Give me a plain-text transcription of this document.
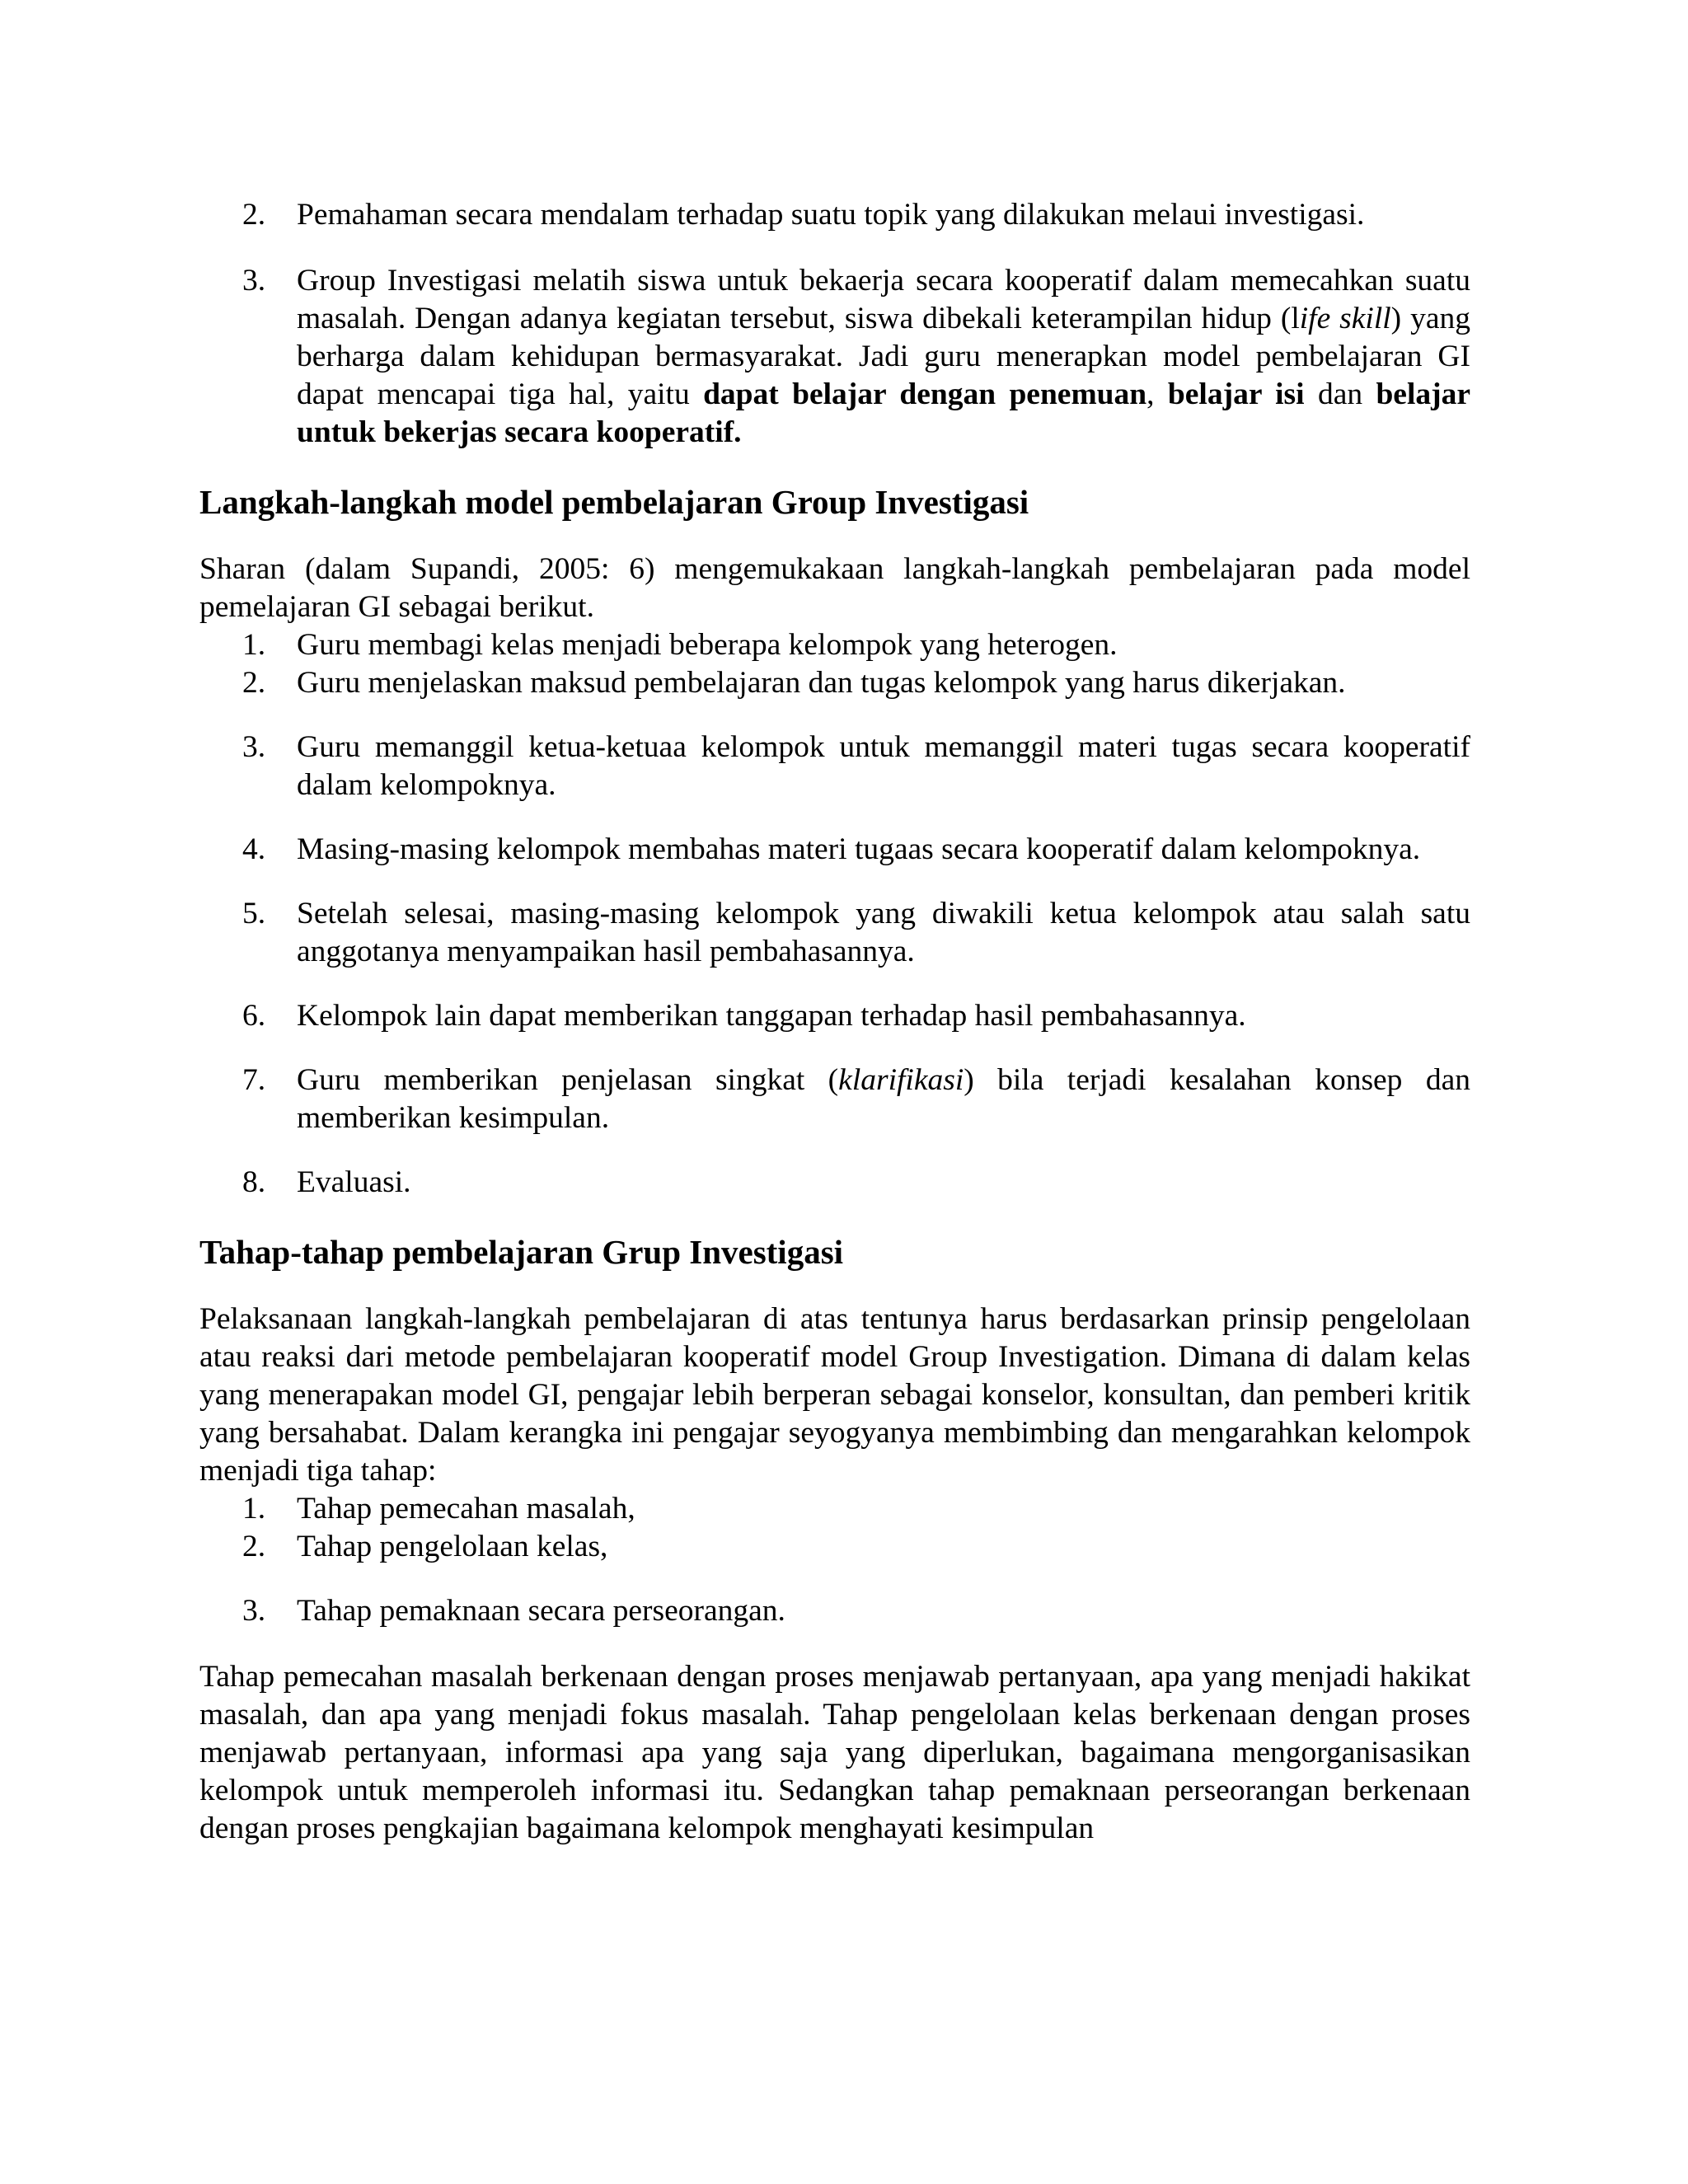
2. Pemahaman secara mendalam terhadap suatu topik yang dilakukan melaui investigasi.
3. Group Investigasi melatih siswa untuk bekaerja secara kooperatif dalam memecahkan suatu masalah. Dengan adanya kegiatan tersebut, siswa dibekali keterampilan hidup (life skill) yang berharga dalam kehidupan bermasyarakat. Jadi guru menerapkan model pembelajaran GI dapat mencapai tiga hal, yaitu dapat belajar dengan penemuan, belajar isi dan belajar untuk bekerjas secara kooperatif.
Langkah-langkah model pembelajaran Group Investigasi

Sharan (dalam Supandi, 2005: 6) mengemukakaan langkah-langkah pembelajaran pada model pemelajaran GI sebagai berikut.

1. Guru membagi kelas menjadi beberapa kelompok yang heterogen.
2. Guru menjelaskan maksud pembelajaran dan tugas kelompok yang harus dikerjakan.
3. Guru memanggil ketua-ketuaa kelompok untuk memanggil materi tugas secara kooperatif dalam kelompoknya.
4. Masing-masing kelompok membahas materi tugaas secara kooperatif dalam kelompoknya.
5. Setelah selesai, masing-masing kelompok yang diwakili ketua kelompok atau salah satu anggotanya menyampaikan hasil pembahasannya.
6. Kelompok lain dapat memberikan tanggapan terhadap hasil pembahasannya.
7. Guru memberikan penjelasan singkat (klarifikasi) bila terjadi kesalahan konsep dan memberikan kesimpulan.
8. Evaluasi.
Tahap-tahap pembelajaran Grup Investigasi

Pelaksanaan langkah-langkah pembelajaran di atas tentunya harus berdasarkan prinsip pengelolaan atau reaksi dari metode pembelajaran kooperatif model Group Investigation. Dimana di dalam kelas yang menerapakan model GI, pengajar lebih berperan sebagai konselor, konsultan, dan pemberi kritik yang bersahabat. Dalam kerangka ini pengajar seyogyanya membimbing dan mengarahkan kelompok menjadi tiga tahap:

1. Tahap pemecahan masalah,
2. Tahap pengelolaan kelas,
3. Tahap pemaknaan secara perseorangan.

Tahap pemecahan masalah berkenaan dengan proses menjawab pertanyaan, apa yang menjadi hakikat masalah, dan apa yang menjadi fokus masalah. Tahap pengelolaan kelas berkenaan dengan proses menjawab pertanyaan, informasi apa yang saja yang diperlukan, bagaimana mengorganisasikan kelompok untuk memperoleh informasi itu. Sedangkan tahap pemaknaan perseorangan berkenaan dengan proses pengkajian bagaimana kelompok menghayati kesimpulan
